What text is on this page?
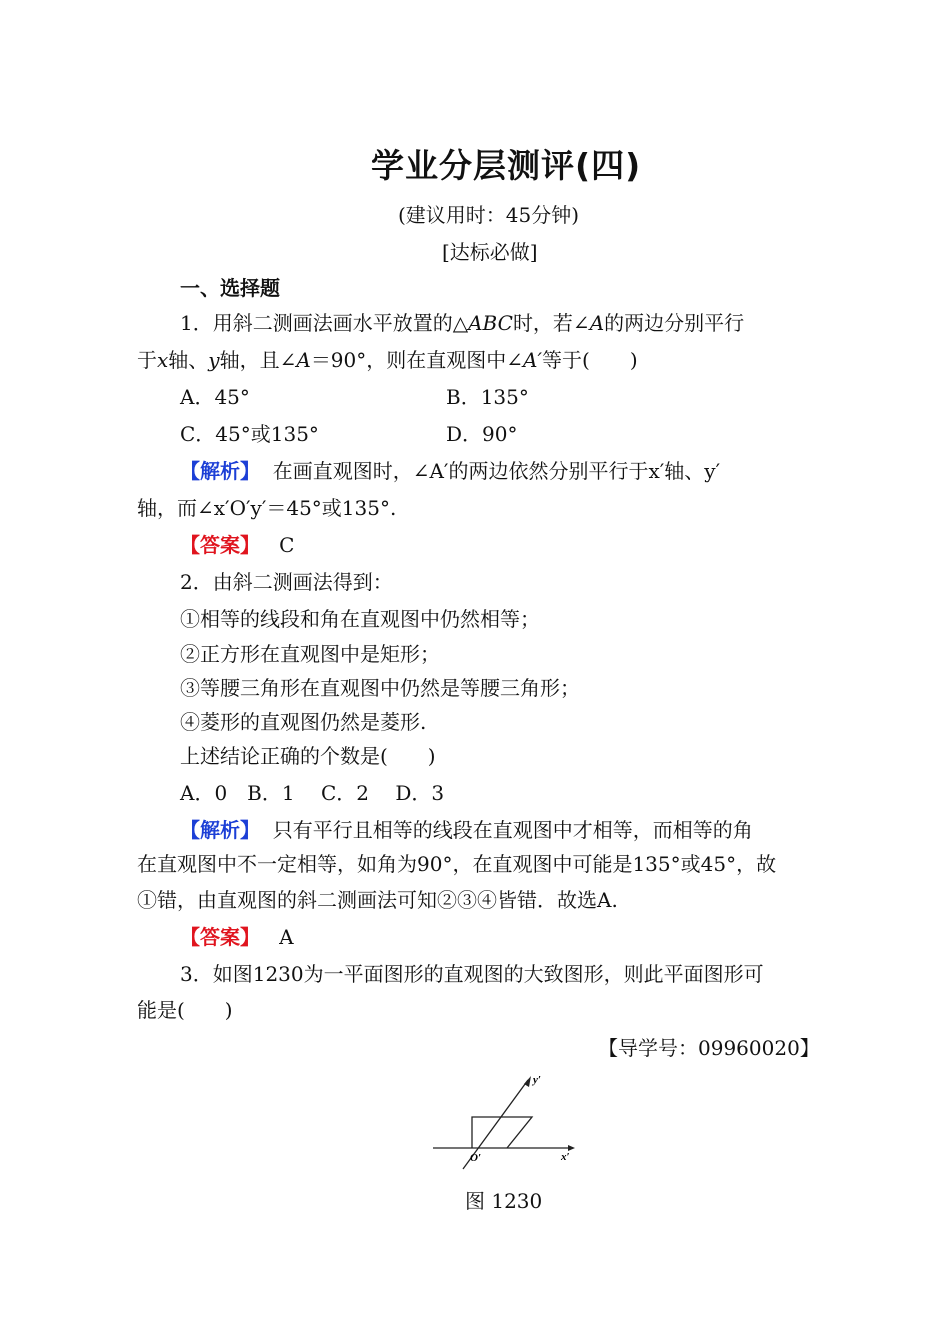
学业分层测评(四)
(建议用时：45分钟)
[达标必做]
一、选择题
1．用斜二测画法画水平放置的△ABC时，若∠A的两边分别平行
于x轴、y轴，且∠A＝90°，则在直观图中∠A′等于(　　)
A．45°	B．135°
C．45°或135°	D．90°
【解析】 在画直观图时，∠A′的两边依然分别平行于x′轴、y′
轴，而∠x′O′y′＝45°或135°.
【答案】 C
2．由斜二测画法得到：
①相等的线段和角在直观图中仍然相等；
②正方形在直观图中是矩形；
③等腰三角形在直观图中仍然是等腰三角形；
④菱形的直观图仍然是菱形.
上述结论正确的个数是(　　)
A．0　B．1　 C．2　 D．3
【解析】 只有平行且相等的线段在直观图中才相等，而相等的角
在直观图中不一定相等，如角为90°，在直观图中可能是135°或45°，故
①错，由直观图的斜二测画法可知②③④皆错．故选A.
【答案】 A
3．如图1230为一平面图形的直观图的大致图形，则此平面图形可
能是(　　)
【导学号：09960020】
y′
O′	x′
图 1230
